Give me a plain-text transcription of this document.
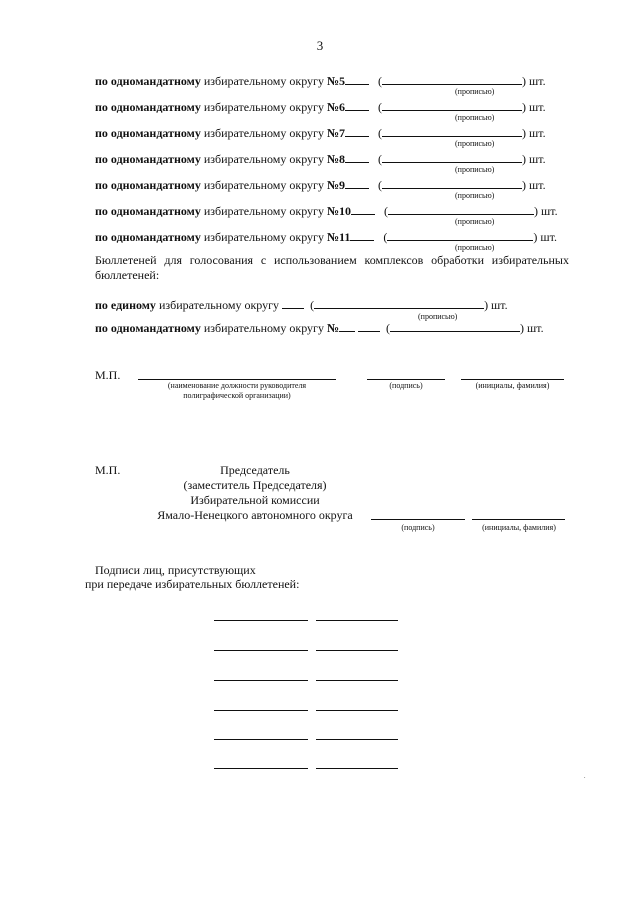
3
по одномандатному избирательному округу №5	(	) шт.
(прописью)
по одномандатному избирательному округу №6	(	) шт.
(прописью)
по одномандатному избирательному округу №7	(	) шт.
(прописью)
по одномандатному избирательному округу №8	(	) шт.
(прописью)
по одномандатному избирательному округу №9	(	) шт.
(прописью)
по одномандатному избирательному округу №10	(	) шт.
(прописью)
по одномандатному избирательному округу №11	(	) шт.
(прописью)
Бюллетеней для голосования с использованием комплексов обработки избирательных бюллетеней:
по единому избирательному округу   (	) шт.
(прописью)
по одномандатному избирательному округу №	(	) шт.
М.П.
(наименование должности руководителя полиграфической организации)
(подпись)	(инициалы, фамилия)
М.П.	Председатель
(заместитель Председателя)
Избирательной комиссии
Ямало-Ненецкого автономного округа
(подпись)	(инициалы, фамилия)
Подписи лиц, присутствующих
при передаче избирательных бюллетеней:
.
